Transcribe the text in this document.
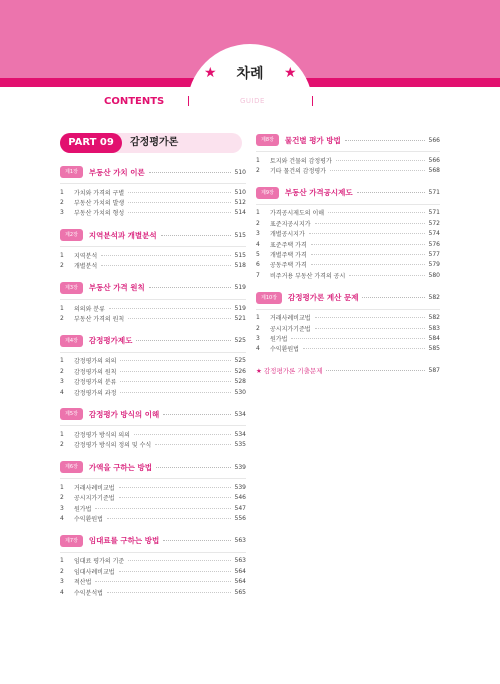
★	차례	★
CONTENTS	GUIDE
PART 09	감정평가론
제1장	부동산 가치 이론	510
1	가치와 가격의 구별	510
2	부동산 가치의 발생	512
3	부동산 가치의 형성	514
제2장	지역분석과 개별분석	515
1	지역분석	515
2	개별분석	518
제3장	부동산 가격 원칙	519
1	의의와 분류	519
2	부동산 가격의 원칙	521
제4장	감정평가제도	525
1	감정평가의 의의	525
2	감정평가의 원칙	526
3	감정평가의 분류	528
4	감정평가의 과정	530
제5장	감정평가 방식의 이해	534
1	감정평가 방식의 의의	534
2	감정평가 방식의 정의 및 수식	535
제6장	가액을 구하는 방법	539
1	거래사례비교법	539
2	공시지가기준법	546
3	원가법	547
4	수익환원법	556
제7장	임대료를 구하는 방법	563
1	임대료 평가의 기준	563
2	임대사례비교법	564
3	적산법	564
4	수익분석법	565
제8장	물건별 평가 방법	566
1	토지와 건물의 감정평가	566
2	기타 물건의 감정평가	568
제9장	부동산 가격공시제도	571
1	가격공시제도의 이해	571
2	표준지공시지가	572
3	개별공시지가	574
4	표준주택 가격	576
5	개별주택 가격	577
6	공동주택 가격	579
7	비주거용 부동산 가격의 공시	580
제10장	감정평가론 계산 문제	582
1	거래사례비교법	582
2	공시지가기준법	583
3	원가법	584
4	수익환원법	585
★ 감정평가론 기출문제	587
